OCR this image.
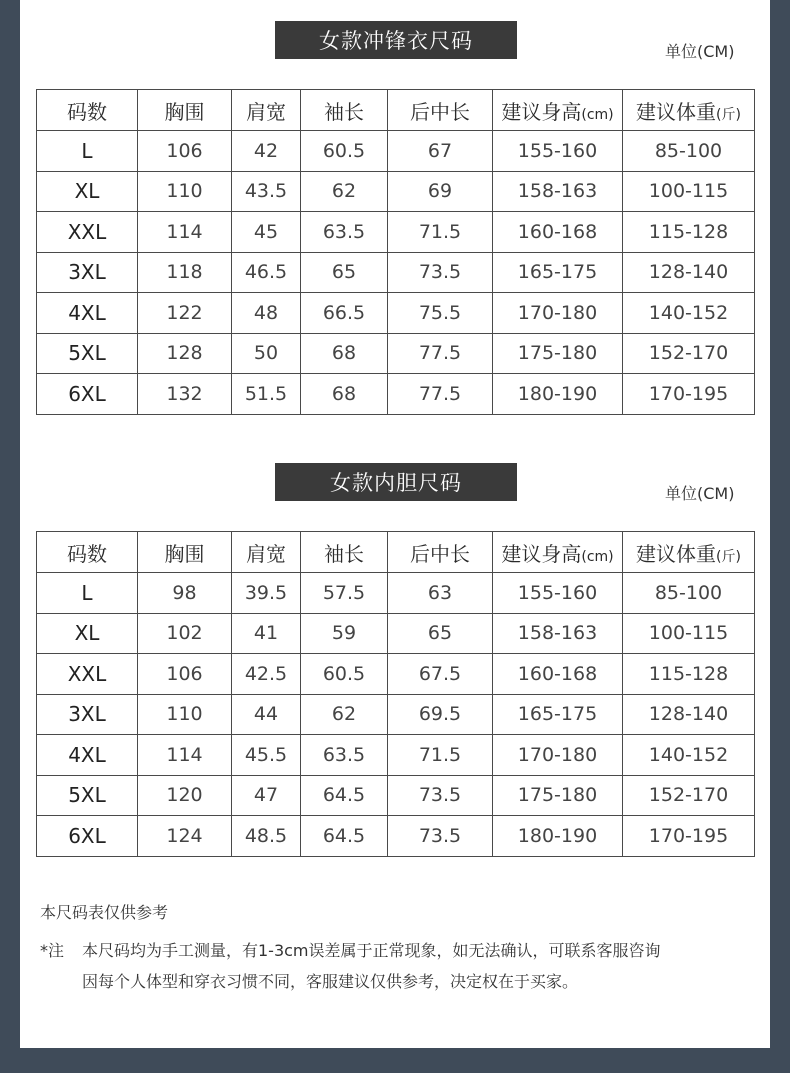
女款冲锋衣尺码	单位(CM)
码数	胸围	肩宽	袖长	后中长	建议身高(cm)	建议体重(斤)
L	106	42	60.5	67	155-160	85-100
XL	110	43.5	62	69	158-163	100-115
XXL	114	45	63.5	71.5	160-168	115-128
3XL	118	46.5	65	73.5	165-175	128-140
4XL	122	48	66.5	75.5	170-180	140-152
5XL	128	50	68	77.5	175-180	152-170
6XL	132	51.5	68	77.5	180-190	170-195
女款内胆尺码	单位(CM)
码数	胸围	肩宽	袖长	后中长	建议身高(cm)	建议体重(斤)
L	98	39.5	57.5	63	155-160	85-100
XL	102	41	59	65	158-163	100-115
XXL	106	42.5	60.5	67.5	160-168	115-128
3XL	110	44	62	69.5	165-175	128-140
4XL	114	45.5	63.5	71.5	170-180	140-152
5XL	120	47	64.5	73.5	175-180	152-170
6XL	124	48.5	64.5	73.5	180-190	170-195
本尺码表仅供参考
*注 本尺码均为手工测量，有1-3cm误差属于正常现象，如无法确认，可联系客服咨询
因每个人体型和穿衣习惯不同，客服建议仅供参考，决定权在于买家。
